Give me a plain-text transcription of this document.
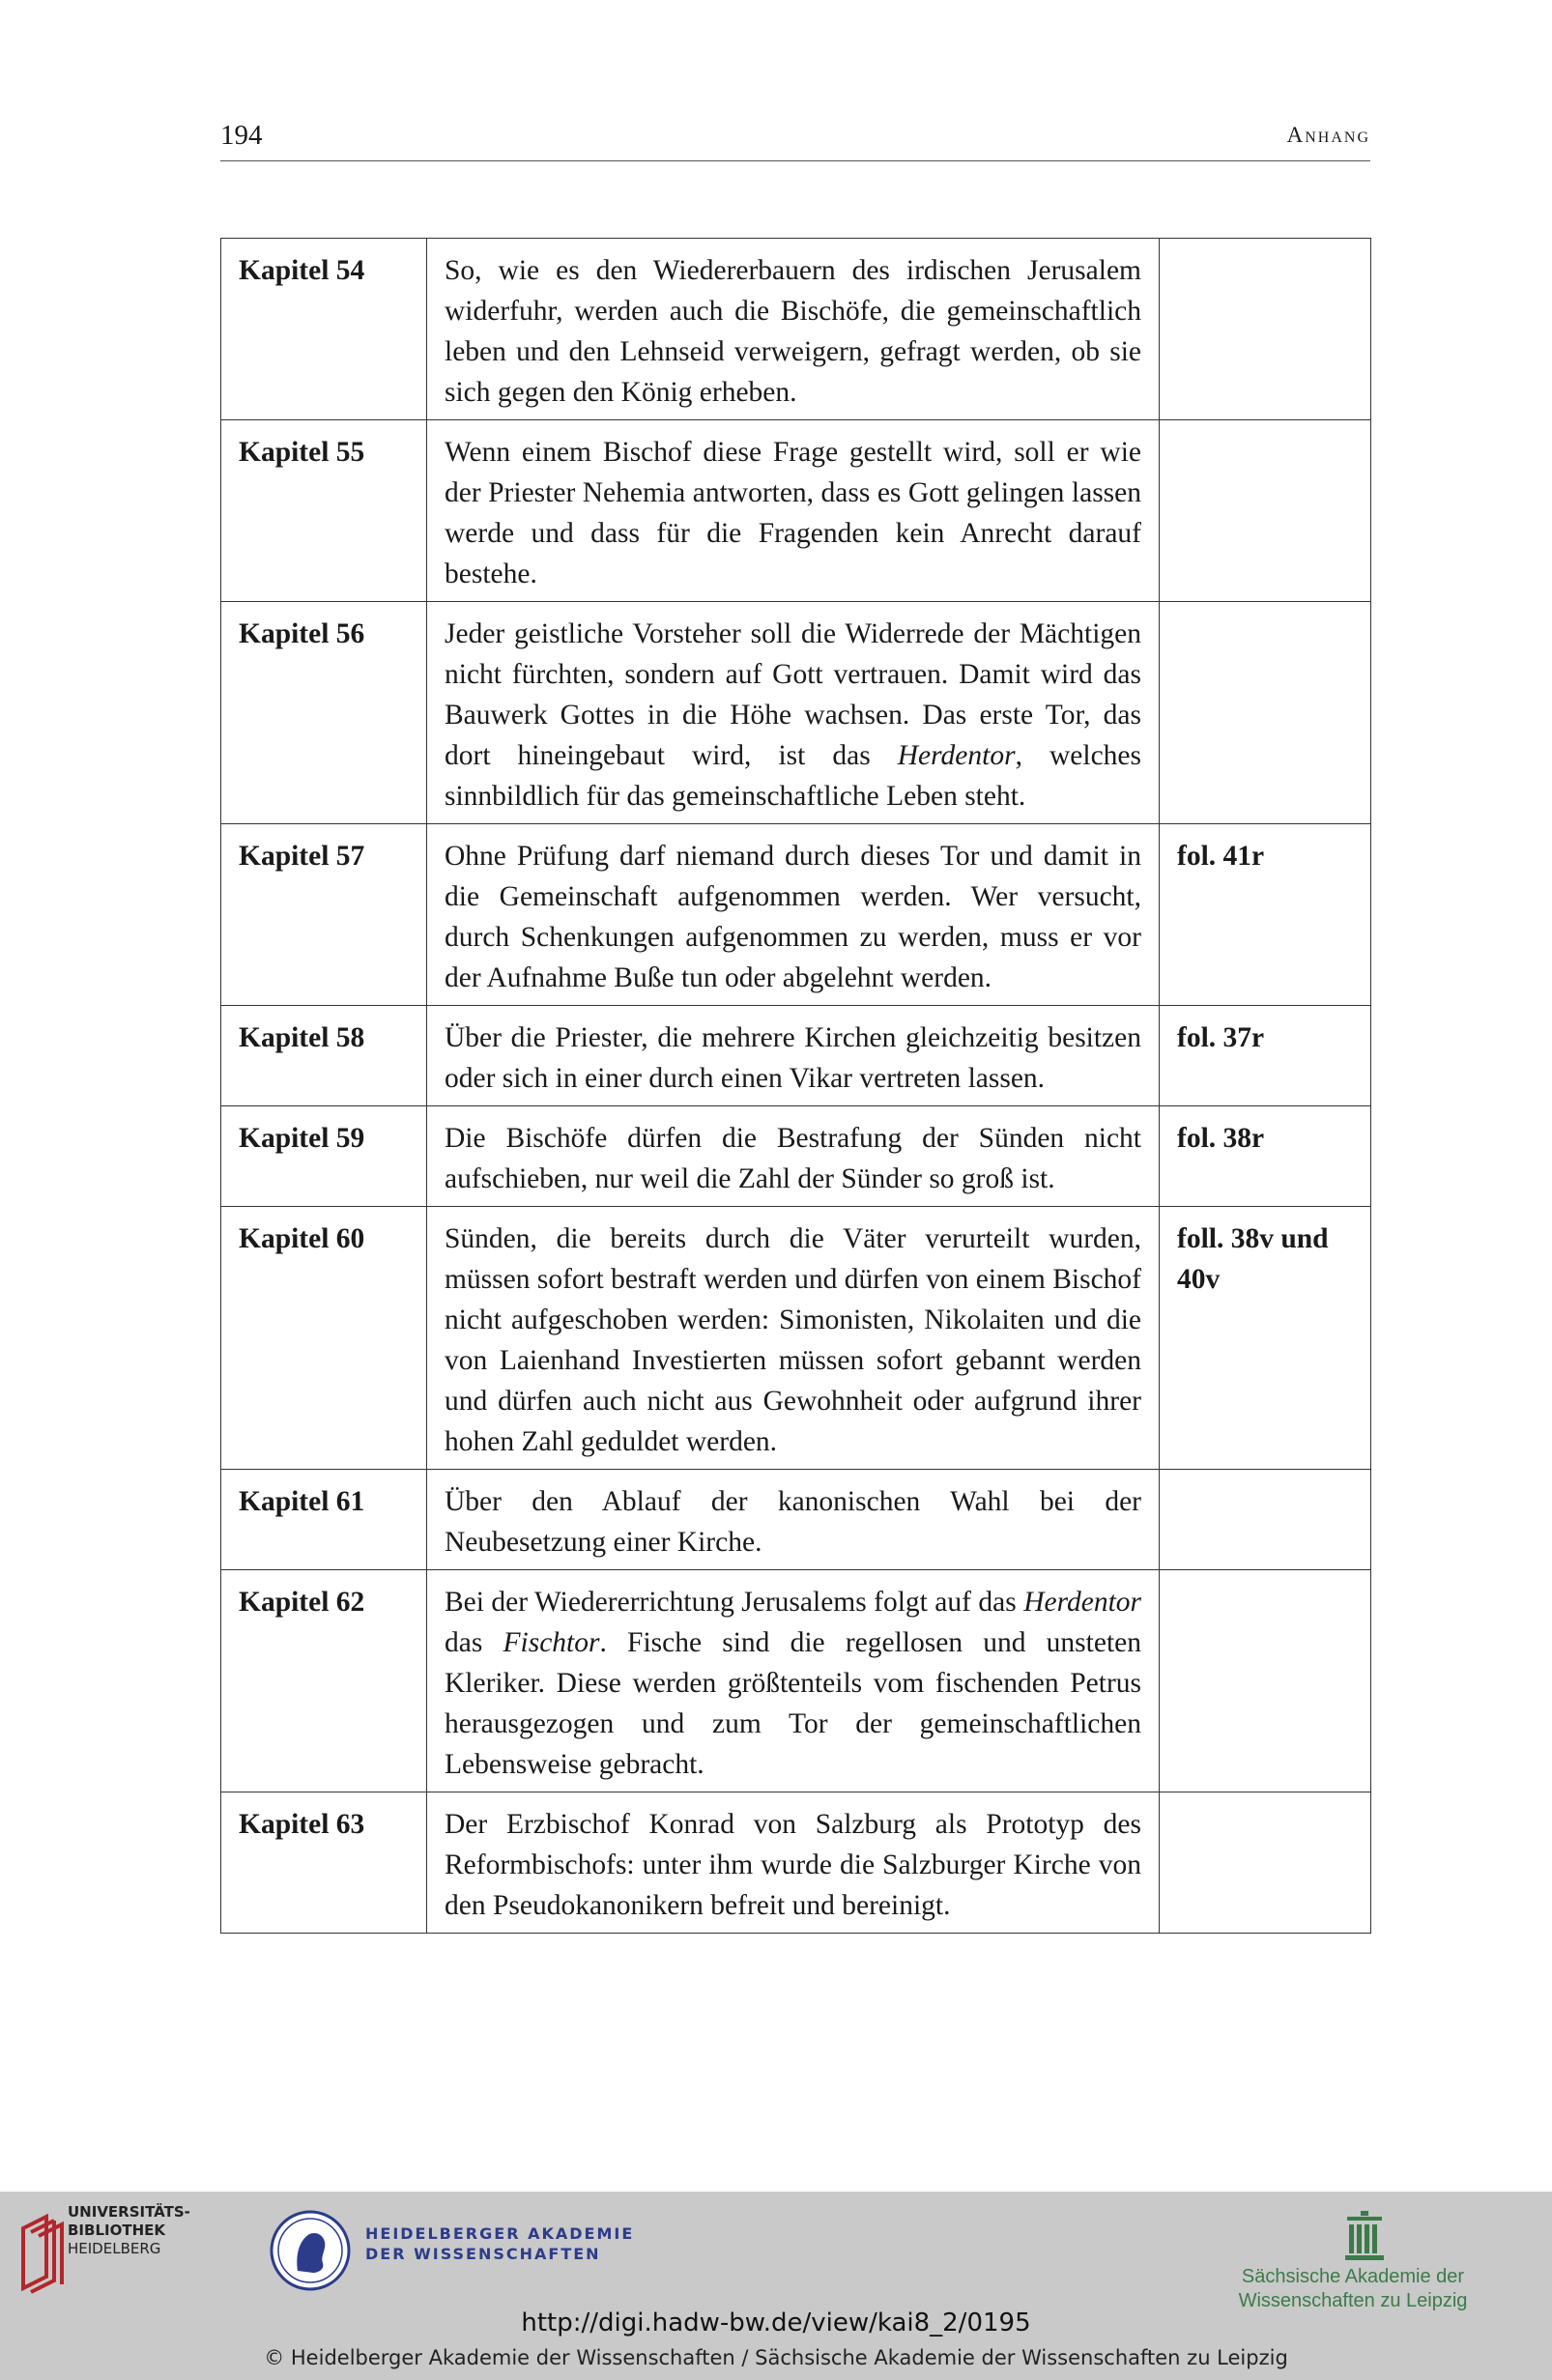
194	Anhang
Kapitel 54	So, wie es den Wiedererbauern des irdischen Jerusalem widerfuhr, werden auch die Bischöfe, die gemeinschaftlich leben und den Lehnseid verweigern, gefragt werden, ob sie sich gegen den König erheben.	
Kapitel 55	Wenn einem Bischof diese Frage gestellt wird, soll er wie der Priester Nehemia antworten, dass es Gott gelingen lassen werde und dass für die Fragenden kein Anrecht darauf bestehe.	
Kapitel 56	Jeder geistliche Vorsteher soll die Widerrede der Mächtigen nicht fürchten, sondern auf Gott vertrauen. Damit wird das Bauwerk Gottes in die Höhe wachsen. Das erste Tor, das dort hineingebaut wird, ist das Herdentor, welches sinnbildlich für das gemeinschaftliche Leben steht.	
Kapitel 57	Ohne Prüfung darf niemand durch dieses Tor und damit in die Gemeinschaft aufgenommen werden. Wer versucht, durch Schenkungen aufgenommen zu werden, muss er vor der Aufnahme Buße tun oder abgelehnt werden.	fol. 41r
Kapitel 58	Über die Priester, die mehrere Kirchen gleichzeitig besitzen oder sich in einer durch einen Vikar vertreten lassen.	fol. 37r
Kapitel 59	Die Bischöfe dürfen die Bestrafung der Sünden nicht aufschieben, nur weil die Zahl der Sünder so groß ist.	fol. 38r
Kapitel 60	Sünden, die bereits durch die Väter verurteilt wurden, müssen sofort bestraft werden und dürfen von einem Bischof nicht aufgeschoben werden: Simonisten, Nikolaiten und die von Laienhand Investierten müssen sofort gebannt werden und dürfen auch nicht aus Gewohnheit oder aufgrund ihrer hohen Zahl geduldet werden.	foll. 38v und 40v
Kapitel 61	Über den Ablauf der kanonischen Wahl bei der Neubesetzung einer Kirche.	
Kapitel 62	Bei der Wiedererrichtung Jerusalems folgt auf das Herdentor das Fischtor. Fische sind die regellosen und unsteten Kleriker. Diese werden größtenteils vom fischenden Petrus herausgezogen und zum Tor der gemeinschaftlichen Lebensweise gebracht.	
Kapitel 63	Der Erzbischof Konrad von Salzburg als Prototyp des Reformbischofs: unter ihm wurde die Salzburger Kirche von den Pseudokanonikern befreit und bereinigt.	
UNIVERSITÄTS-
BIBLIOTHEK
HEIDELBERG
HEIDELBERGER AKADEMIE
DER WISSENSCHAFTEN
Sächsische Akademie der Wissenschaften zu Leipzig
http://digi.hadw-bw.de/view/kai8_2/0195
© Heidelberger Akademie der Wissenschaften / Sächsische Akademie der Wissenschaften zu Leipzig
